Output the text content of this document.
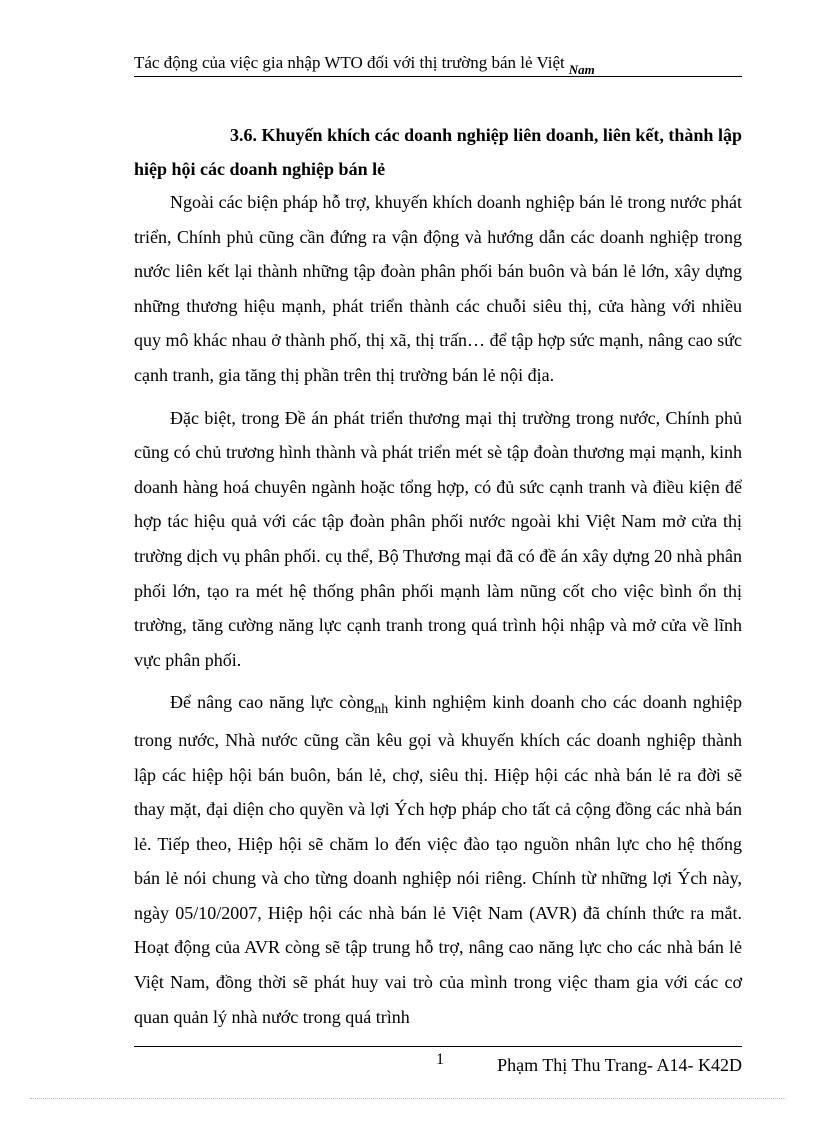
Tác động của việc gia nhập WTO đối với thị trường bán lẻ Việt $_{Nam}$
3.6. Khuyến khích các doanh nghiệp liên doanh, liên kết, thành lập hiệp hội các doanh nghiệp bán lẻ

Ngoài các biện pháp hỗ trợ, khuyến khích doanh nghiệp bán lẻ trong nước phát triển, Chính phủ cũng cần đứng ra vận động và hướng dẫn các doanh nghiệp trong nước liên kết lại thành những tập đoàn phân phối bán buôn và bán lẻ lớn, xây dựng những thương hiệu mạnh, phát triển thành các chuỗi siêu thị, cửa hàng với nhiều quy mô khác nhau ở thành phố, thị xã, thị trấn… để tập hợp sức mạnh, nâng cao sức cạnh tranh, gia tăng thị phần trên thị trường bán lẻ nội địa.

Đặc biệt, trong Đề án phát triển thương mại thị trường trong nước, Chính phủ cũng có chủ trương hình thành và phát triển mét sè tập đoàn thương mại mạnh, kinh doanh hàng hoá chuyên ngành hoặc tổng hợp, có đủ sức cạnh tranh và điều kiện để hợp tác hiệu quả với các tập đoàn phân phối nước ngoài khi Việt Nam mở cửa thị trường dịch vụ phân phối. cụ thể, Bộ Thương mại đã có đề án xây dựng 20 nhà phân phối lớn, tạo ra mét hệ thống phân phối mạnh làm nũng cốt cho việc bình ổn thị trường, tăng cường năng lực cạnh tranh trong quá trình hội nhập và mở cửa về lĩnh vực phân phối.

Để nâng cao năng lực còng$_{nh}$ kinh nghiệm kinh doanh cho các doanh nghiệp trong nước, Nhà nước cũng cần kêu gọi và khuyến khích các doanh nghiệp thành lập các hiệp hội bán buôn, bán lẻ, chợ, siêu thị. Hiệp hội các nhà bán lẻ ra đời sẽ thay mặt, đại diện cho quyền và lợi Ých hợp pháp cho tất cả cộng đồng các nhà bán lẻ. Tiếp theo, Hiệp hội sẽ chăm lo đến việc đào tạo nguồn nhân lực cho hệ thống bán lẻ nói chung và cho từng doanh nghiệp nói riêng. Chính từ những lợi Ých này, ngày 05/10/2007, Hiệp hội các nhà bán lẻ Việt Nam (AVR) đã chính thức ra mắt. Hoạt động của AVR còng sẽ tập trung hỗ trợ, nâng cao năng lực cho các nhà bán lẻ Việt Nam, đồng thời sẽ phát huy vai trò của mình trong việc tham gia với các cơ quan quản lý nhà nước trong quá trình

1	Phạm Thị Thu Trang- A14- K42D
